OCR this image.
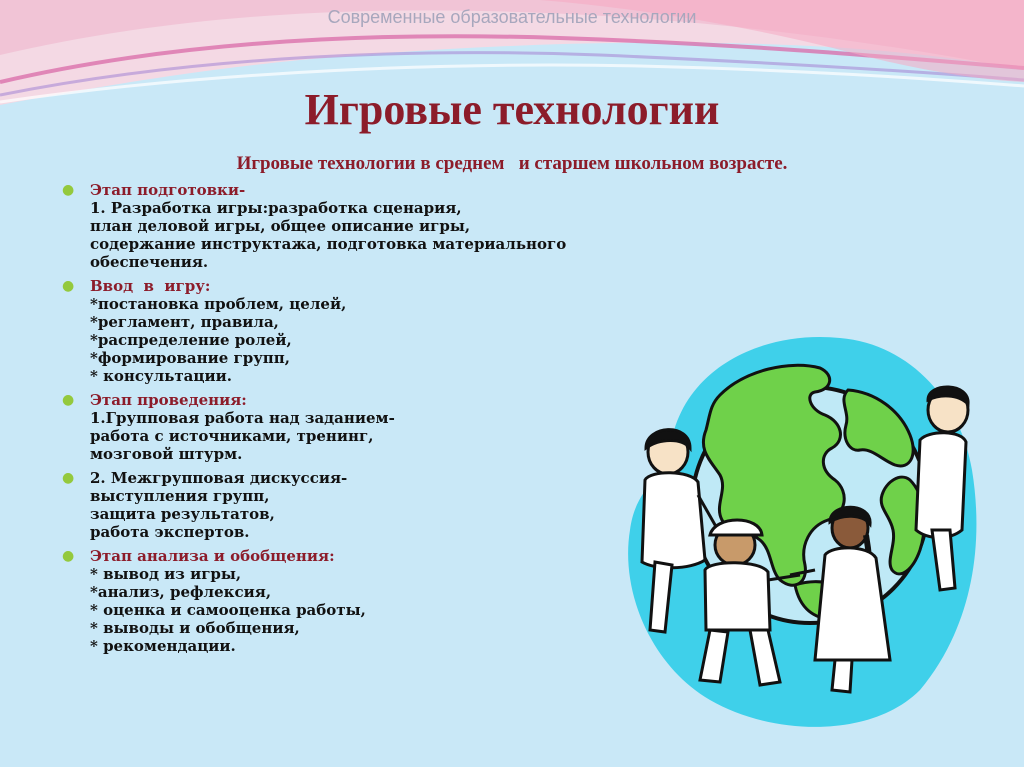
Современные образовательные технологии
Игровые технологии
Игровые технологии в среднем   и старшем школьном возрасте.
● Этап подготовки-
1. Разработка игры:разработка сценария,
план деловой игры, общее описание игры,
содержание инструктажа, подготовка материального обеспечения.
● Ввод  в  игру:
*постановка проблем, целей,
*регламент, правила,
*распределение ролей,
*формирование групп,
* консультации.
● Этап проведения:
1.Групповая работа над заданием-
работа с источниками, тренинг,
мозговой штурм.
● 2. Межгрупповая дискуссия-
выступления групп,
защита результатов,
работа экспертов.
● Этап анализа и обобщения:
* вывод из игры,
*анализ, рефлексия,
* оценка и самооценка работы,
* выводы и обобщения,
* рекомендации.
